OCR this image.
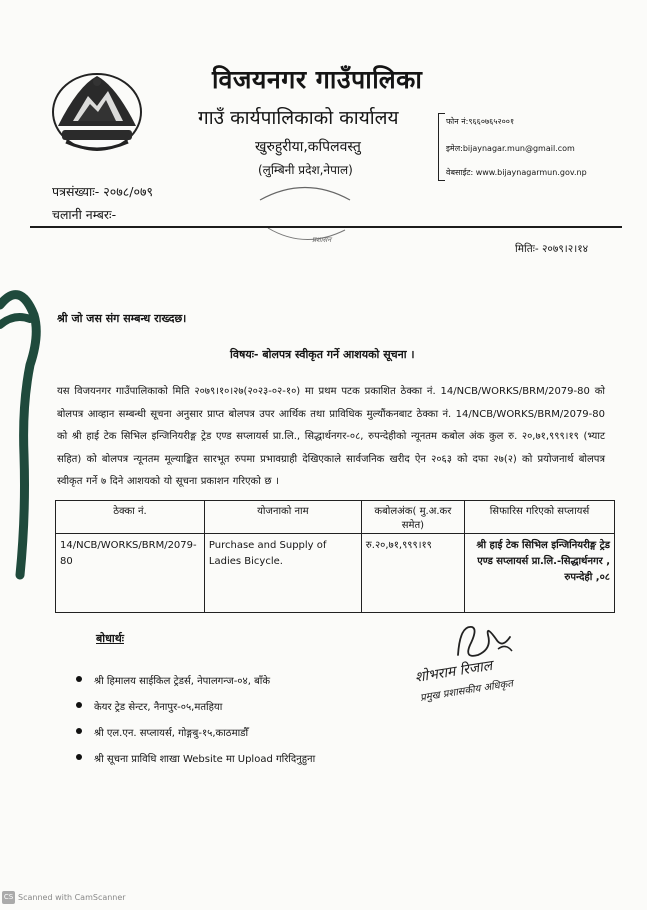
विजयनगर गाउँपालिका
गाउँ कार्यपालिकाको कार्यालय
खुरुहुरीया,कपिलवस्तु
(लुम्बिनी प्रदेश,नेपाल)
फोन नं:९६६०७६५२००१
इमेल:bijaynagar.mun@gmail.com
वेबसाईट: www.bijaynagarmun.gov.np
पत्रसंख्याः- २०७८/०७९
चलानी नम्बरः-
प्रशासन
मितिः- २०७९।२।१४
श्री जो जस संग सम्बन्ध राख्दछ।
विषयः- बोलपत्र स्वीकृत गर्ने आशयको सूचना ।
यस विजयनगर गाउँपालिकाको मिति २०७९।१०।२७(२०२३-०२-१०) मा प्रथम पटक प्रकाशित ठेक्का नं. 14/NCB/WORKS/BRM/2079-80 को बोलपत्र आव्हान सम्बन्धी सूचना अनुसार प्राप्त बोलपत्र उपर आर्थिक तथा प्राविधिक मुल्यौंकनबाट ठेक्का नं. 14/NCB/WORKS/BRM/2079-80 को श्री हाई टेक सिभिल इन्जिनियरीङ्ग ट्रेड एण्ड सप्लायर्स प्रा.लि., सिद्धार्थनगर-०८, रुपन्देहीको न्यूनतम कबोल अंक कुल रु. २०,७१,९९९।१९ (भ्याट सहित) को बोलपत्र न्यूनतम मूल्याङ्कित सारभूत रुपमा प्रभावग्राही देखिएकाले सार्वजनिक खरीद ऐन २०६३ को दफा २७(२) को प्रयोजनार्थ बोलपत्र स्वीकृत गर्ने ७ दिने आशयको यो सूचना प्रकाशन गरिएको छ ।
ठेक्का नं.	योजनाको नाम	कबोलअंक( मु.अ.कर समेत)	सिफारिस गरिएको सप्लायर्स
14/NCB/WORKS/BRM/2079-80	Purchase and Supply of Ladies Bicycle.	रु.२०,७१,९९९।१९	श्री हाई टेक सिभिल इन्जिनियरीङ्ग ट्रेड एण्ड सप्लायर्स प्रा.लि.-सिद्धार्थनगर , रुपन्देही ,०८
शोभराम रिजाल
प्रमुख प्रशासकीय अधिकृत
बोधार्थः
श्री हिमालय साईकिल ट्रेडर्स, नेपालगन्ज-०४, बाँके
केयर ट्रेड सेन्टर, नैनापुर-०५,मतहिया
श्री एल.एन. सप्लायर्स, गोङ्गबु-१५,काठमाडौँ
श्री सूचना प्राविधि शाखा Website मा Upload गरिदिनुहुना
CS Scanned with CamScanner
